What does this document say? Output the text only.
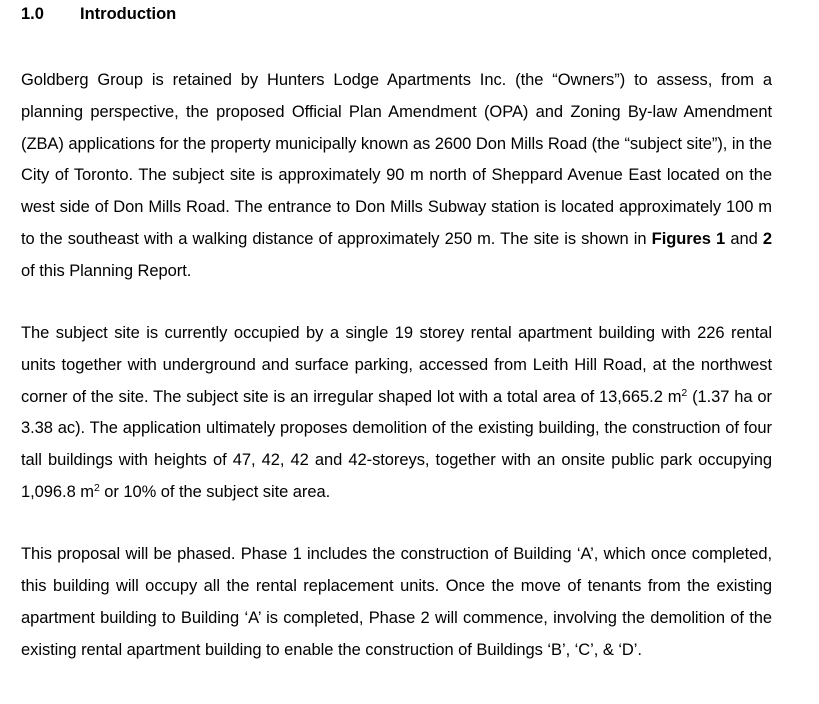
1.0 Introduction

Goldberg Group is retained by Hunters Lodge Apartments Inc. (the “Owners”) to assess, from a planning perspective, the proposed Official Plan Amendment (OPA) and Zoning By-law Amendment (ZBA) applications for the property municipally known as 2600 Don Mills Road (the “subject site”), in the City of Toronto. The subject site is approximately 90 m north of Sheppard Avenue East located on the west side of Don Mills Road. The entrance to Don Mills Subway station is located approximately 100 m to the southeast with a walking distance of approximately 250 m. The site is shown in Figures 1 and 2 of this Planning Report.

The subject site is currently occupied by a single 19 storey rental apartment building with 226 rental units together with underground and surface parking, accessed from Leith Hill Road, at the northwest corner of the site. The subject site is an irregular shaped lot with a total area of 13,665.2 $m^2$ (1.37 ha or 3.38 ac). The application ultimately proposes demolition of the existing building, the construction of four tall buildings with heights of 47, 42, 42 and 42-storeys, together with an onsite public park occupying 1,096.8 $m^2$ or 10% of the subject site area.

This proposal will be phased. Phase 1 includes the construction of Building ‘A’, which once completed, this building will occupy all the rental replacement units. Once the move of tenants from the existing apartment building to Building ‘A’ is completed, Phase 2 will commence, involving the demolition of the existing rental apartment building to enable the construction of Buildings ‘B’, ‘C’, & ‘D’.
